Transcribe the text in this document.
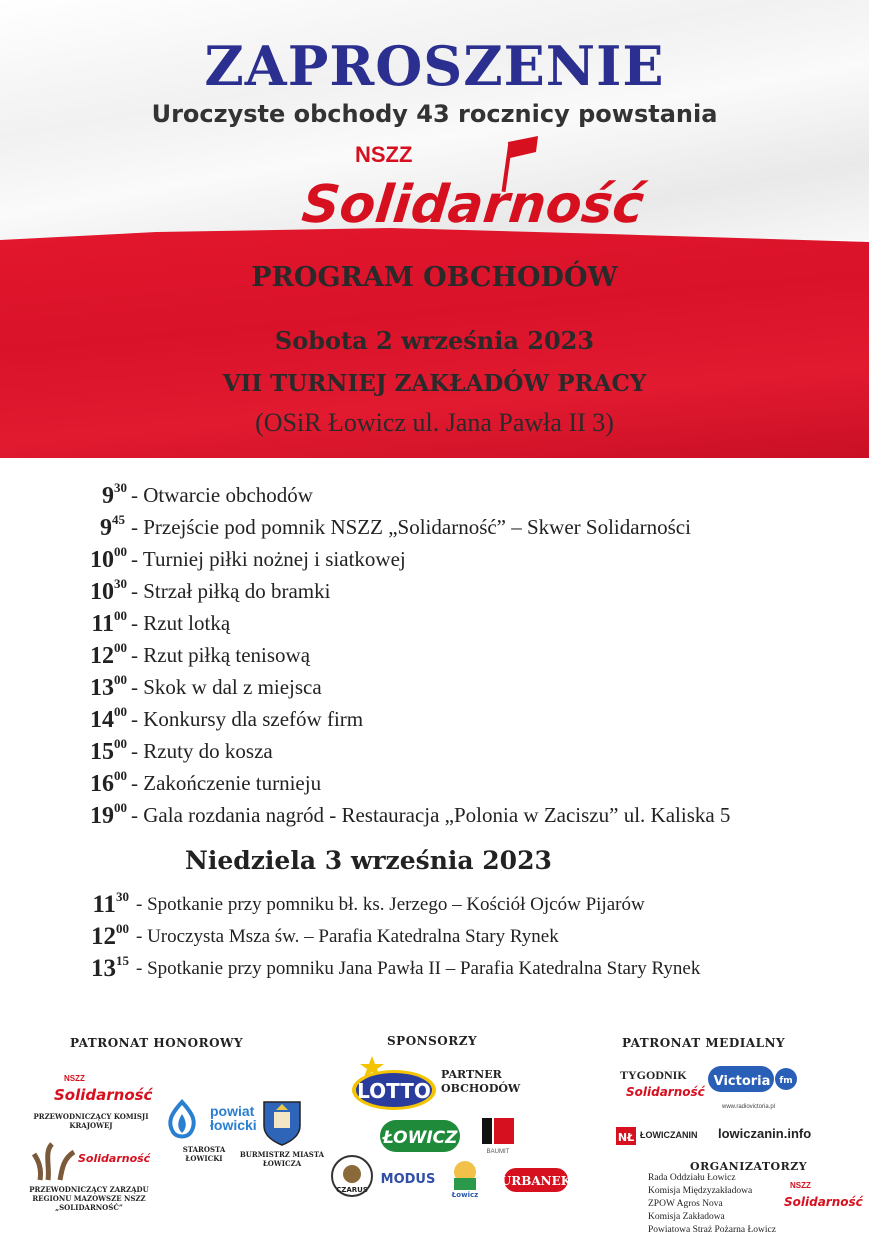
ZAPROSZENIE
Uroczyste obchody 43 rocznicy powstania
NSZZ
Solidarność
PROGRAM OBCHODÓW
Sobota 2 września 2023
VII TURNIEJ ZAKŁADÓW PRACY
(OSiR Łowicz ul. Jana Pawła II 3)
$9^{30}$ - Otwarcie obchodów
$9^{45}$ - Przejście pod pomnik NSZZ „Solidarność” – Skwer Solidarności
$10^{00}$ - Turniej piłki nożnej i siatkowej
$10^{30}$ - Strzał piłką do bramki
$11^{00}$ - Rzut lotką
$12^{00}$ - Rzut piłką tenisową
$13^{00}$ - Skok w dal z miejsca
$14^{00}$ - Konkursy dla szefów firm
$15^{00}$ - Rzuty do kosza
$16^{00}$ - Zakończenie turnieju
$19^{00}$ - Gala rozdania nagród - Restauracja „Polonia w Zaciszu” ul. Kaliska 5
Niedziela 3 września 2023
$11^{30}$ - Spotkanie przy pomniku bł. ks. Jerzego – Kościół Ojców Pijarów
$12^{00}$ - Uroczysta Msza św. – Parafia Katedralna Stary Rynek
$13^{15}$ - Spotkanie przy pomniku Jana Pawła II – Parafia Katedralna Stary Rynek
PATRONAT HONOROWY
NSZZ
Solidarność
PRZEWODNICZĄCY KOMISJI KRAJOWEJ
powiat łowicki
STAROSTA ŁOWICKI	BURMISTRZ MIASTA ŁOWICZA
Solidarność
PRZEWODNICZĄCY ZARZĄDU REGIONU MAZOWSZE NSZZ „SOLIDARNOŚĆ”
SPONSORZY
LOTTO
PARTNER OBCHODÓW
ŁOWICZ
BAUMIT
CZARUS
MODUS
Łowicz
URBANEK
PATRONAT MEDIALNY
TYGODNIK
Solidarność
Victoria fm
www.radiovictoria.pl
NŁ ŁOWICZANIN lowiczanin.info
ORGANIZATORZY
Rada Oddziału Łowicz
Komisja Międzyzakładowa
ZPOW Agros Nova
Komisja Zakładowa
Powiatowa Straż Pożarna Łowicz
NSZZ
Solidarność
